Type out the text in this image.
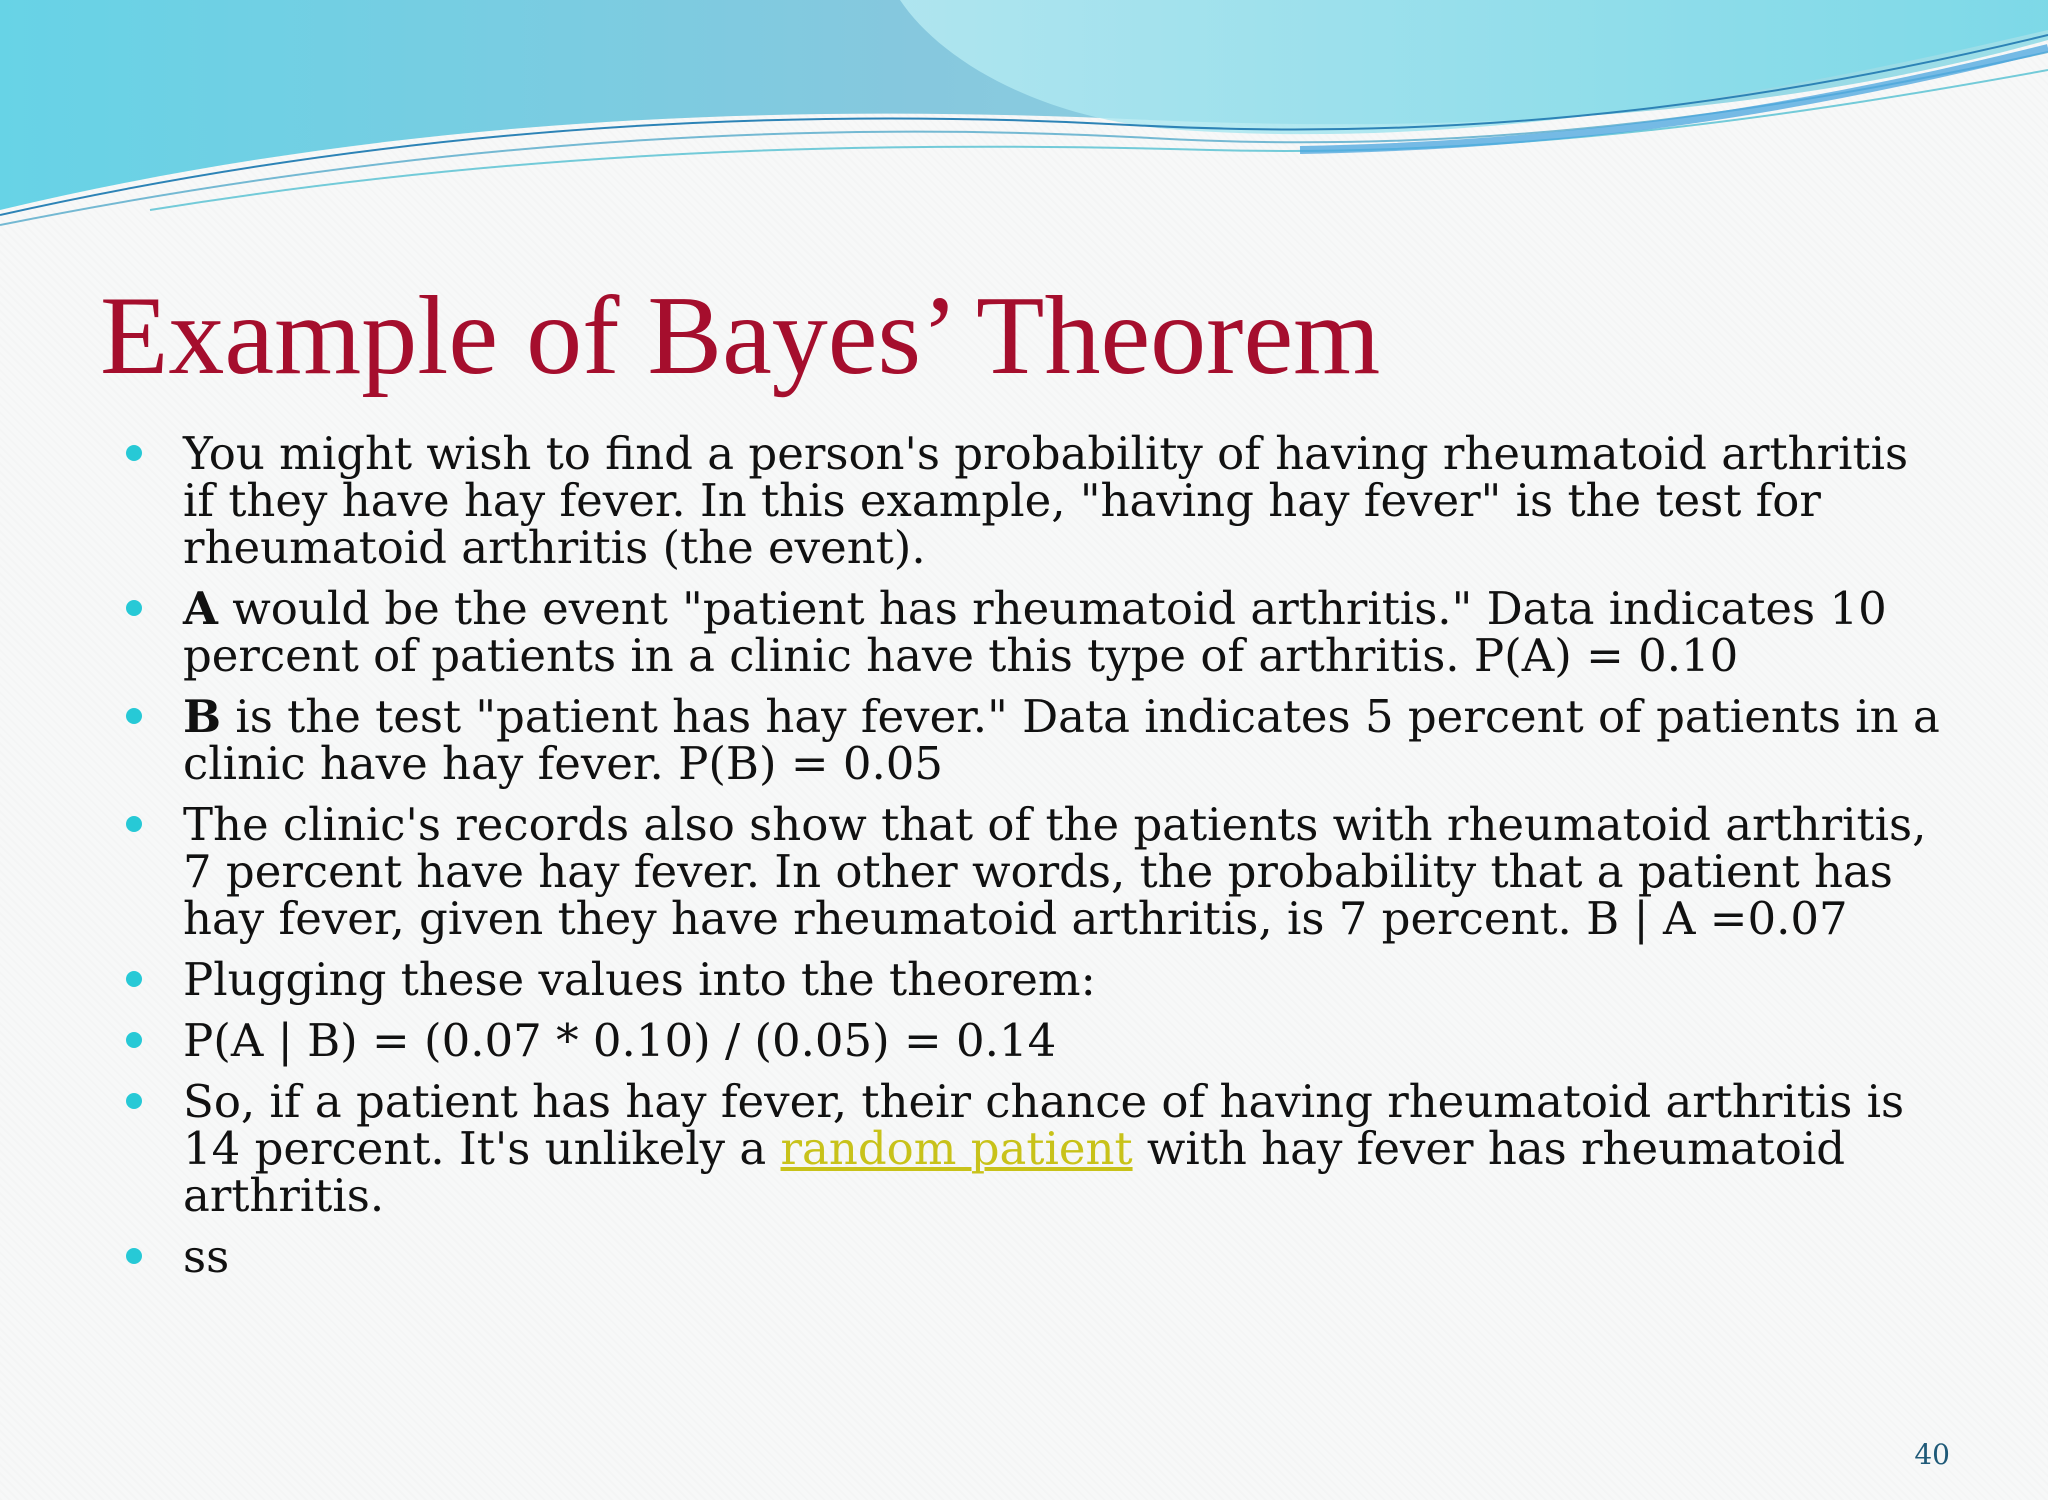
Example of Bayes’ Theorem
You might wish to find a person's probability of having rheumatoid arthritis if they have hay fever. In this example, "having hay fever" is the test for rheumatoid arthritis (the event).
A would be the event "patient has rheumatoid arthritis." Data indicates 10 percent of patients in a clinic have this type of arthritis. P(A) = 0.10
B is the test "patient has hay fever." Data indicates 5 percent of patients in a clinic have hay fever. P(B) = 0.05
The clinic's records also show that of the patients with rheumatoid arthritis, 7 percent have hay fever. In other words, the probability that a patient has hay fever, given they have rheumatoid arthritis, is 7 percent. B | A =0.07
Plugging these values into the theorem:
P(A | B) = (0.07 * 0.10) / (0.05) = 0.14
So, if a patient has hay fever, their chance of having rheumatoid arthritis is 14 percent. It's unlikely a random patient with hay fever has rheumatoid arthritis.
ss
40
